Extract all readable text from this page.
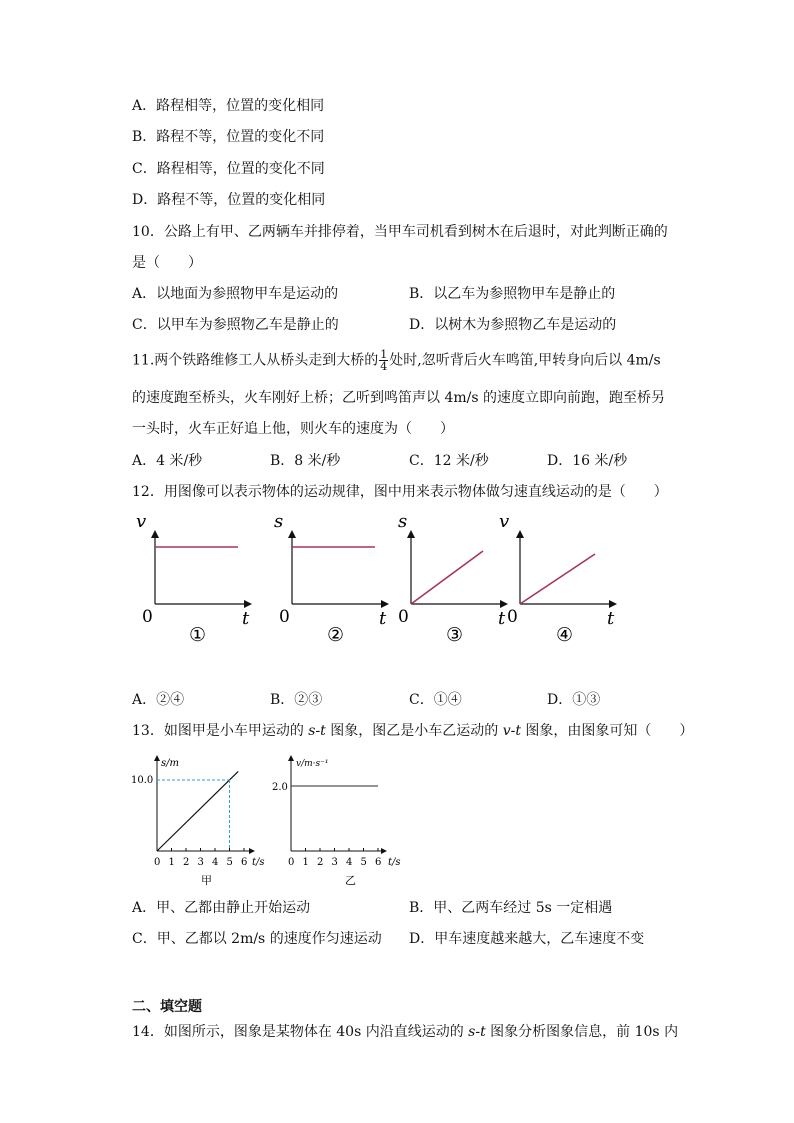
A．路程相等，位置的变化相同
B．路程不等，位置的变化不同
C．路程相等，位置的变化不同
D．路程不等，位置的变化相同
10．公路上有甲、乙两辆车并排停着，当甲车司机看到树木在后退时，对此判断正确的
是（　　）
A．以地面为参照物甲车是运动的	B．以乙车为参照物甲车是静止的
C．以甲车为参照物乙车是静止的	D．以树木为参照物乙车是运动的
11.两个铁路维修工人从桥头走到大桥的 $\frac{1}{4}$ 处时,忽听背后火车鸣笛,甲转身向后以 4m/s
的速度跑至桥头，火车刚好上桥；乙听到鸣笛声以 4m/s 的速度立即向前跑，跑至桥另
一头时，火车正好追上他，则火车的速度为（　　）
A．4 米/秒	B．8 米/秒	C．12 米/秒	D．16 米/秒
12．用图像可以表示物体的运动规律，图中用来表示物体做匀速直线运动的是（　　）
v
t
0
①
s
t
0
②
s
t
0
③
v
t
0
④
A．②④	B．②③	C．①④	D．①③
13．如图甲是小车甲运动的 s-t 图象，图乙是小车乙运动的 v-t 图象，由图象可知（　　）
s/m
10.0
t/s
0 1 2 3 4 5 6
甲
v/m·s⁻¹
2.0
t/s
0 1 2 3 4 5 6
乙
A．甲、乙都由静止开始运动	B．甲、乙两车经过 5s 一定相遇
C．甲、乙都以 2m/s 的速度作匀速运动 D．甲车速度越来越大，乙车速度不变
二、填空题
14．如图所示，图象是某物体在 40s 内沿直线运动的 s-t 图象分析图象信息，前 10s 内
